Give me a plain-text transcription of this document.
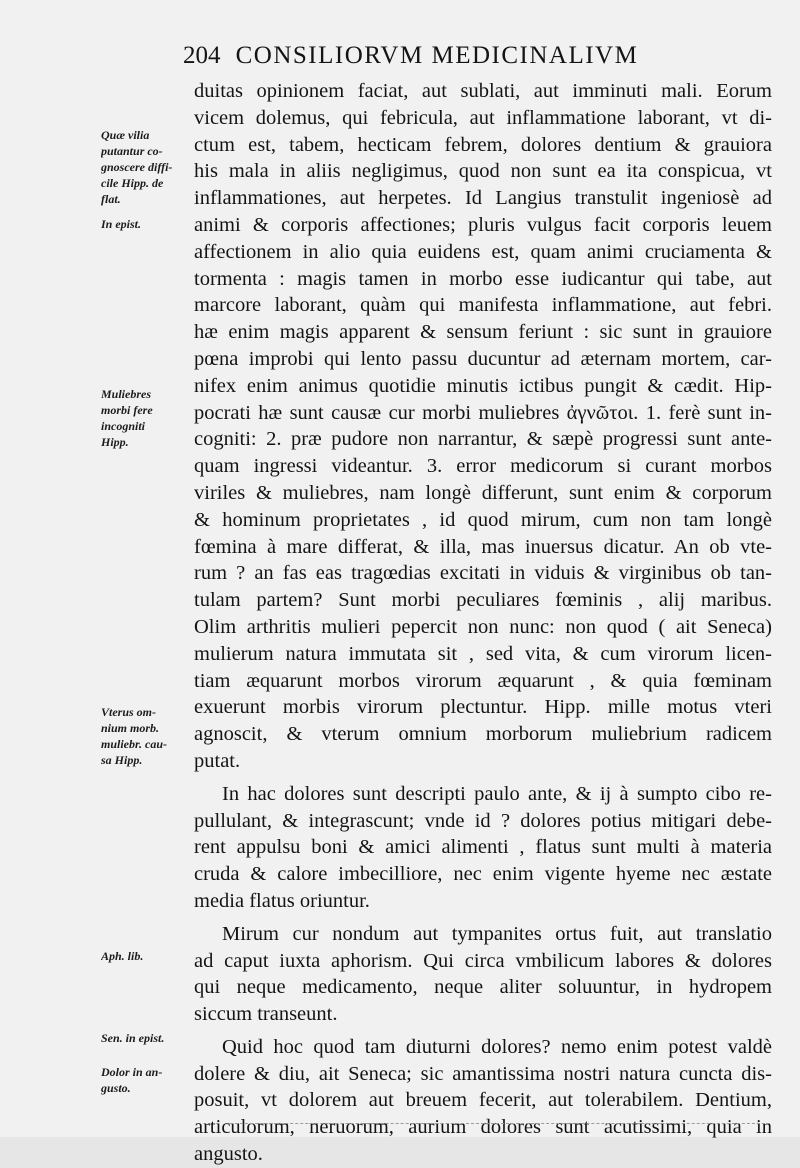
204 CONSILIORVM MEDICINALIVM
Quæ vilia
putantur co-
gnoscere diffi-
cile Hipp. de
flat.
In epist.
Muliebres
morbi fere
incogniti
Hipp.
Vterus om-
nium morb.
muliebr. cau-
sa Hipp.
Aph. lib.
Sen. in epist.
Dolor in an-
gusto.
duitas opinionem faciat, aut sublati, aut imminuti mali. Eorum
vicem dolemus, qui febricula, aut inflammatione laborant, vt di-
ctum est, tabem, hecticam febrem, dolores dentium & grauiora
his mala in aliis negligimus, quod non sunt ea ita conspicua, vt
inflammationes, aut herpetes. Id Langius transtulit ingeniosè ad
animi & corporis affectiones; pluris vulgus facit corporis leuem
affectionem in alio quia euidens est, quam animi cruciamenta &
tormenta : magis tamen in morbo esse iudicantur qui tabe, aut
marcore laborant, quàm qui manifesta inflammatione, aut febri.
hæ enim magis apparent & sensum feriunt : sic sunt in grauiore
pœna improbi qui lento passu ducuntur ad æternam mortem, car-
nifex enim animus quotidie minutis ictibus pungit & cædit. Hip-
pocrati hæ sunt causæ cur morbi muliebres ἀγνῶτοι. 1. ferè sunt in-
cogniti: 2. præ pudore non narrantur, & sæpè progressi sunt ante-
quam ingressi videantur. 3. error medicorum si curant morbos
viriles & muliebres, nam longè differunt, sunt enim & corporum
& hominum proprietates , id quod mirum, cum non tam longè
fœmina à mare differat, & illa, mas inuersus dicatur. An ob vte-
rum ? an fas eas tragœdias excitati in viduis & virginibus ob tan-
tulam partem? Sunt morbi peculiares fœminis , alij maribus.
Olim arthritis mulieri pepercit non nunc: non quod ( ait Seneca)
mulierum natura immutata sit , sed vita, & cum virorum licen-
tiam æquarunt morbos virorum æquarunt , & quia fœminam
exuerunt morbis virorum plectuntur. Hipp. mille motus vteri
agnoscit, & vterum omnium morborum muliebrium radicem
putat.
In hac dolores sunt descripti paulo ante, & ij à sumpto cibo re-
pullulant, & integrascunt; vnde id ? dolores potius mitigari debe-
rent appulsu boni & amici alimenti , flatus sunt multi à materia
cruda & calore imbecilliore, nec enim vigente hyeme nec æstate
media flatus oriuntur.
Mirum cur nondum aut tympanites ortus fuit, aut translatio
ad caput iuxta aphorism. Qui circa vmbilicum labores & dolores
qui neque medicamento, neque aliter soluuntur, in hydropem
siccum transeunt.
Quid hoc quod tam diuturni dolores? nemo enim potest valdè
dolere & diu, ait Seneca; sic amantissima nostri natura cuncta dis-
posuit, vt dolorem aut breuem fecerit, aut tolerabilem. Dentium,
articulorum, neruorum, aurium dolores sunt acutissimi, quia in
angusto.
